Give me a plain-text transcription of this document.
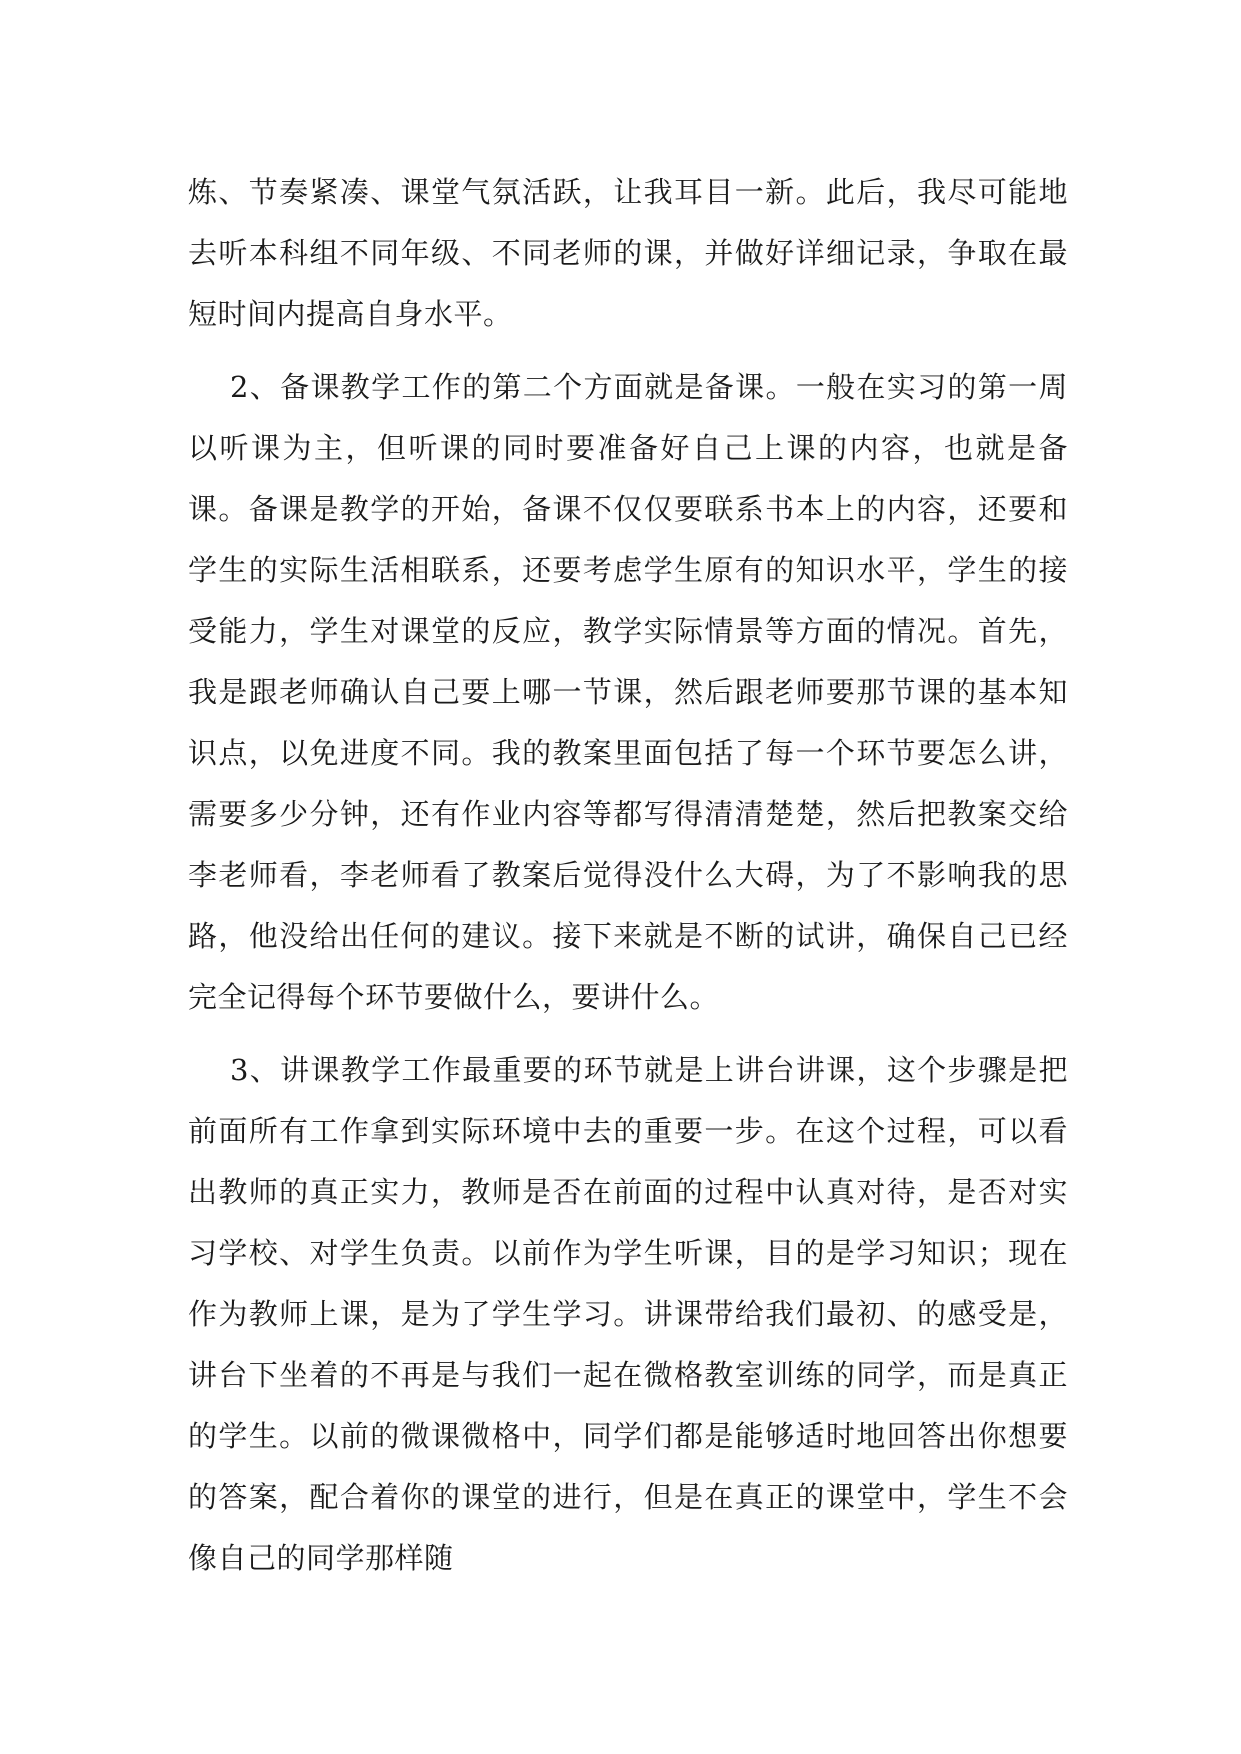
炼、节奏紧凑、课堂气氛活跃，让我耳目一新。此后，我尽可能地去听本科组不同年级、不同老师的课，并做好详细记录，争取在最短时间内提高自身水平。

2、备课教学工作的第二个方面就是备课。一般在实习的第一周以听课为主，但听课的同时要准备好自己上课的内容，也就是备课。备课是教学的开始，备课不仅仅要联系书本上的内容，还要和学生的实际生活相联系，还要考虑学生原有的知识水平，学生的接受能力，学生对课堂的反应，教学实际情景等方面的情况。首先，我是跟老师确认自己要上哪一节课，然后跟老师要那节课的基本知识点，以免进度不同。我的教案里面包括了每一个环节要怎么讲，需要多少分钟，还有作业内容等都写得清清楚楚，然后把教案交给李老师看，李老师看了教案后觉得没什么大碍，为了不影响我的思路，他没给出任何的建议。接下来就是不断的试讲，确保自己已经完全记得每个环节要做什么，要讲什么。

3、讲课教学工作最重要的环节就是上讲台讲课，这个步骤是把前面所有工作拿到实际环境中去的重要一步。在这个过程，可以看出教师的真正实力，教师是否在前面的过程中认真对待，是否对实习学校、对学生负责。以前作为学生听课，目的是学习知识；现在作为教师上课，是为了学生学习。讲课带给我们最初、的感受是，讲台下坐着的不再是与我们一起在微格教室训练的同学，而是真正的学生。以前的微课微格中，同学们都是能够适时地回答出你想要的答案，配合着你的课堂的进行，但是在真正的课堂中，学生不会像自己的同学那样随
